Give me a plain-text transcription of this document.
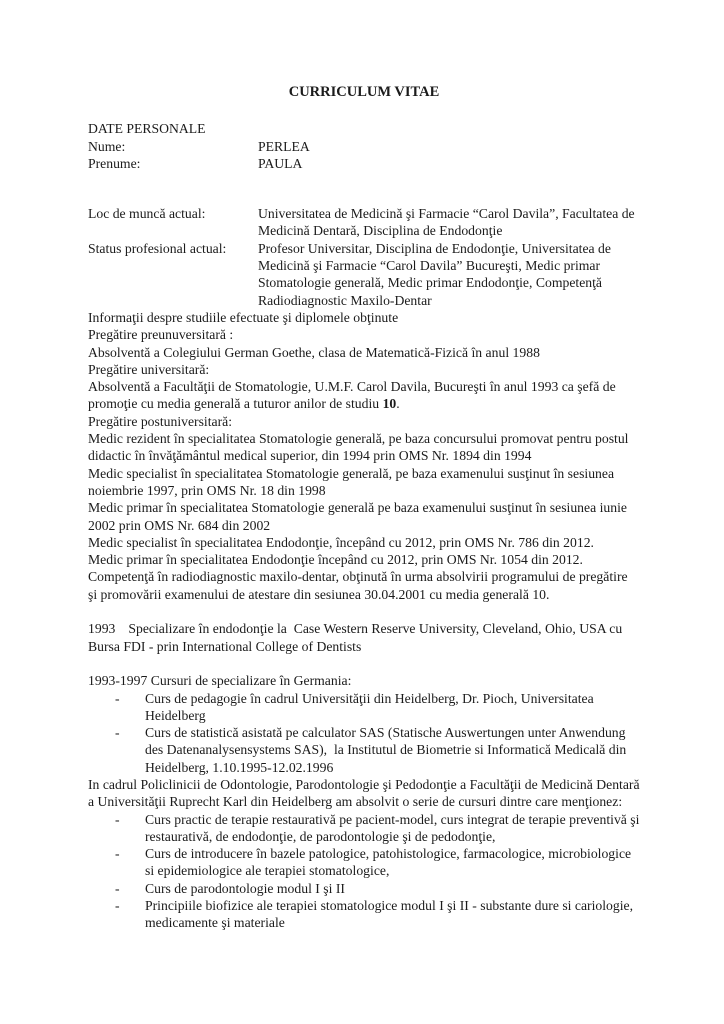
CURRICULUM VITAE

DATE PERSONALE

Nume:	PERLEA
Prenume:	PAULA
Loc de muncă actual:	Universitatea de Medicină şi Farmacie “Carol Davila”, Facultatea de Medicină Dentară, Disciplina de Endodonţie
Status profesional actual:	Profesor Universitar, Disciplina de Endodonţie, Universitatea de Medicină şi Farmacie “Carol Davila” Bucureşti, Medic primar Stomatologie generală, Medic primar Endodonţie, Competenţă Radiodiagnostic Maxilo-Dentar

Informaţii despre studiile efectuate şi diplomele obţinute

Pregătire preunuversitară :

Absolventă a Colegiului German Goethe, clasa de Matematică-Fizică în anul 1988

Pregătire universitară:

Absolventă a Facultăţii de Stomatologie, U.M.F. Carol Davila, Bucureşti în anul 1993 ca şefă de promoţie cu media generală a tuturor anilor de studiu 10.

Pregătire postuniversitară:

Medic rezident în specialitatea Stomatologie generală, pe baza concursului promovat pentru postul didactic în învăţământul medical superior, din 1994 prin OMS Nr. 1894 din 1994

Medic specialist în specialitatea Stomatologie generală, pe baza examenului susţinut în sesiunea noiembrie 1997, prin OMS Nr. 18 din 1998

Medic primar în specialitatea Stomatologie generală pe baza examenului susţinut în sesiunea iunie 2002 prin OMS Nr. 684 din 2002

Medic specialist în specialitatea Endodonţie, începând cu 2012, prin OMS Nr. 786 din 2012.

Medic primar în specialitatea Endodonţie începând cu 2012, prin OMS Nr. 1054 din 2012.

Competenţă în radiodiagnostic maxilo-dentar, obţinută în urma absolvirii programului de pregătire şi promovării examenului de atestare din sesiunea 30.04.2001 cu media generală 10.

1993 Specializare în endodonţie la  Case Western Reserve University, Cleveland, Ohio, USA cu Bursa FDI - prin International College of Dentists

1993-1997 Cursuri de specializare în Germania:

- Curs de pedagogie în cadrul Universităţii din Heidelberg, Dr. Pioch, Universitatea Heidelberg
- Curs de statistică asistată pe calculator SAS (Statische Auswertungen unter Anwendung des Datenanalysensystems SAS),  la Institutul de Biometrie si Informatică Medicală din Heidelberg, 1.10.1995-12.02.1996

In cadrul Policlinicii de Odontologie, Parodontologie şi Pedodonţie a Facultăţii de Medicină Dentară a Universităţii Ruprecht Karl din Heidelberg am absolvit o serie de cursuri dintre care menţionez:

- Curs practic de terapie restaurativă pe pacient-model, curs integrat de terapie preventivă şi restaurativă, de endodonţie, de parodontologie şi de pedodonţie,
- Curs de introducere în bazele patologice, patohistologice, farmacologice, microbiologice si epidemiologice ale terapiei stomatologice,
- Curs de parodontologie modul I şi II
- Principiile biofizice ale terapiei stomatologice modul I şi II - substante dure si cariologie, medicamente şi materiale
